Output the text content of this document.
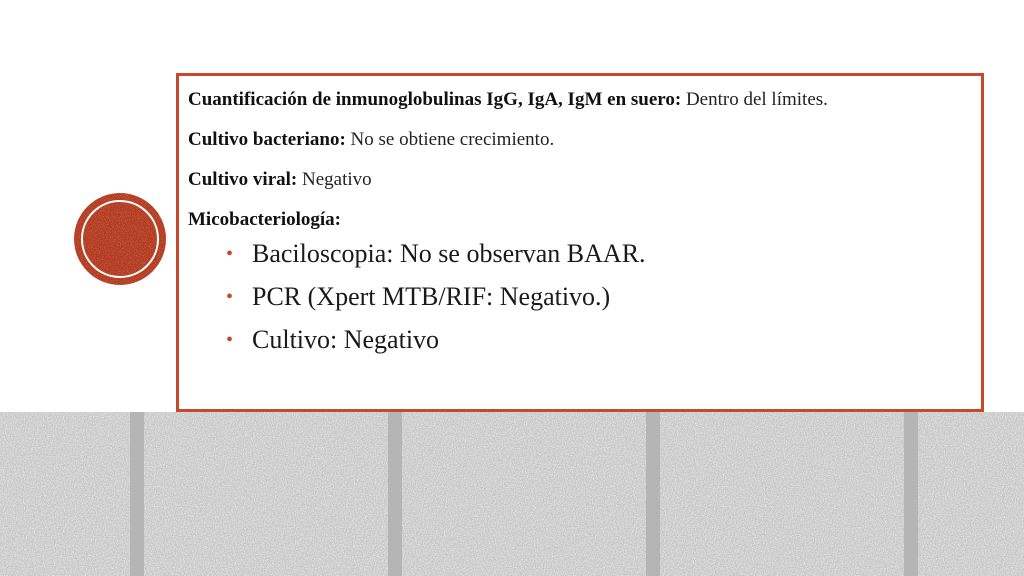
Cuantificación de inmunoglobulinas IgG, IgA, IgM en suero: Dentro del límites.

Cultivo bacteriano: No se obtiene crecimiento.

Cultivo viral: Negativo

Micobacteriología:

• Baciloscopia: No se observan BAAR.
• PCR (Xpert MTB/RIF: Negativo.)
• Cultivo: Negativo
